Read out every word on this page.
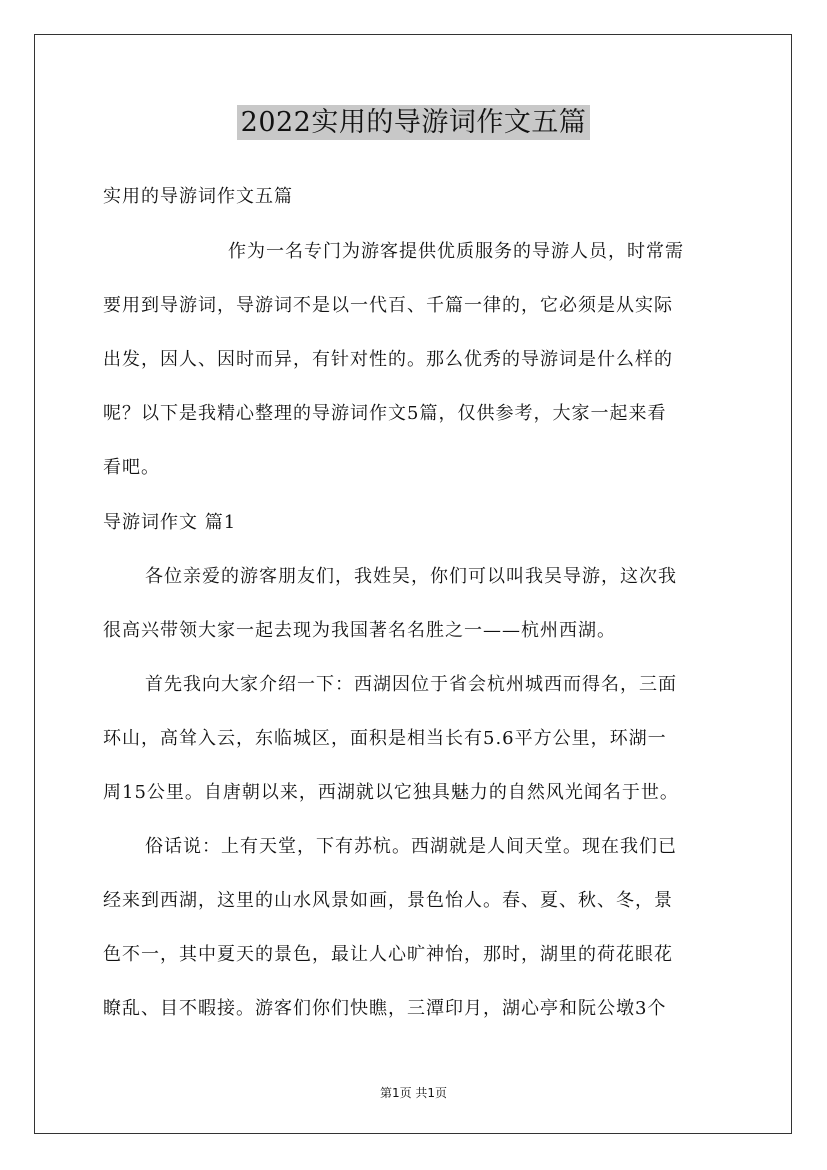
2022实用的导游词作文五篇
实用的导游词作文五篇
作为一名专门为游客提供优质服务的导游人员，时常需
要用到导游词，导游词不是以一代百、千篇一律的，它必须是从实际
出发，因人、因时而异，有针对性的。那么优秀的导游词是什么样的
呢？以下是我精心整理的导游词作文5篇，仅供参考，大家一起来看
看吧。
导游词作文 篇1
各位亲爱的游客朋友们，我姓吴，你们可以叫我吴导游，这次我
很高兴带领大家一起去现为我国著名名胜之一——杭州西湖。
首先我向大家介绍一下：西湖因位于省会杭州城西而得名，三面
环山，高耸入云，东临城区，面积是相当长有5.6平方公里，环湖一
周15公里。自唐朝以来，西湖就以它独具魅力的自然风光闻名于世。
俗话说：上有天堂，下有苏杭。西湖就是人间天堂。现在我们已
经来到西湖，这里的山水风景如画，景色怡人。春、夏、秋、冬，景
色不一，其中夏天的景色，最让人心旷神怡，那时，湖里的荷花眼花
瞭乱、目不暇接。游客们你们快瞧，三潭印月，湖心亭和阮公墩3个
第1页 共1页
